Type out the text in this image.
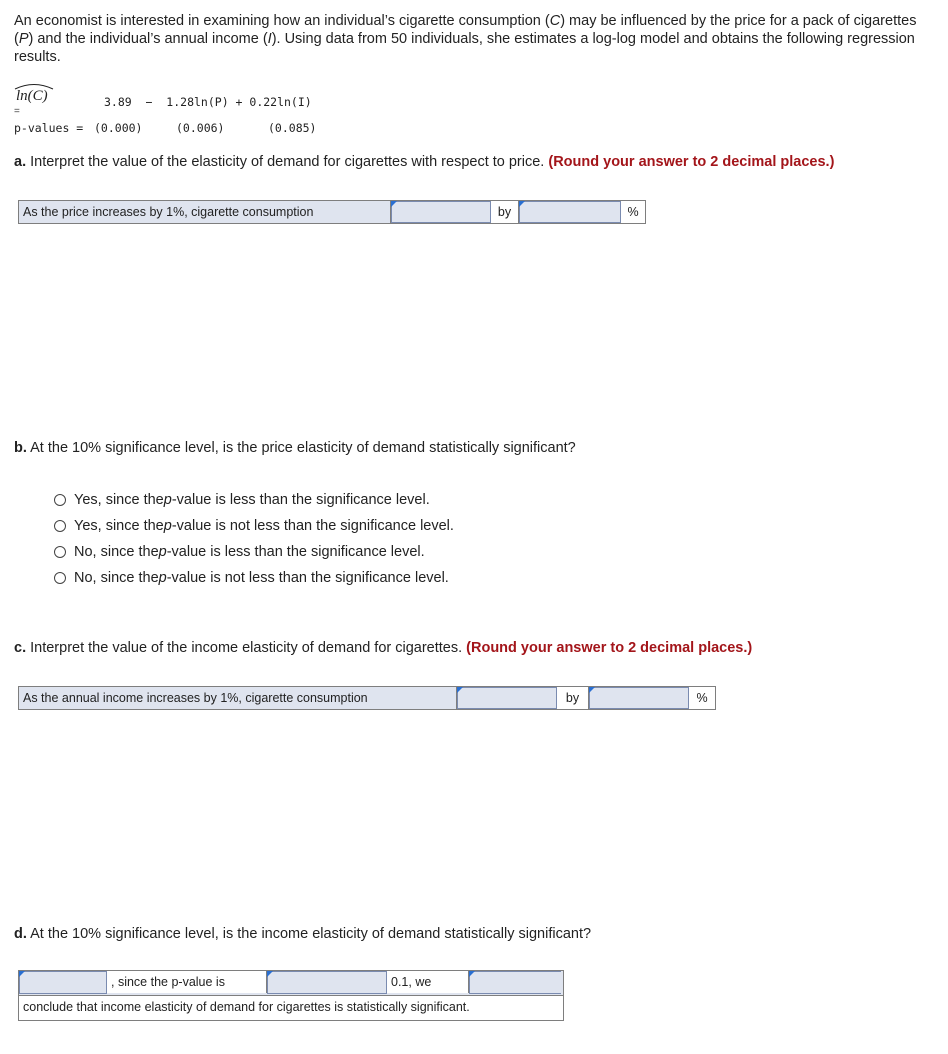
An economist is interested in examining how an individual’s cigarette consumption (C) may be influenced by the price for a pack of cigarettes (P) and the individual’s annual income (I). Using data from 50 individuals, she estimates a log-log model and obtains the following regression results.
ln(C)
=
3.89  −  1.28ln(P) + 0.22ln(I)
p-values = (0.000)	(0.006)	(0.085)
a. Interpret the value of the elasticity of demand for cigarettes with respect to price. (Round your answer to 2 decimal places.)
As the price increases by 1%, cigarette consumption	by	%
b. At the 10% significance level, is the price elasticity of demand statistically significant?
Yes, since the p -value is less than the significance level.
Yes, since the p -value is not less than the significance level.
No, since the p -value is less than the significance level.
No, since the p -value is not less than the significance level.
c. Interpret the value of the income elasticity of demand for cigarettes. (Round your answer to 2 decimal places.)
As the annual income increases by 1%, cigarette consumption	by	%
d. At the 10% significance level, is the income elasticity of demand statistically significant?
, since the p-value is	0.1, we
conclude that income elasticity of demand for cigarettes is statistically significant.
